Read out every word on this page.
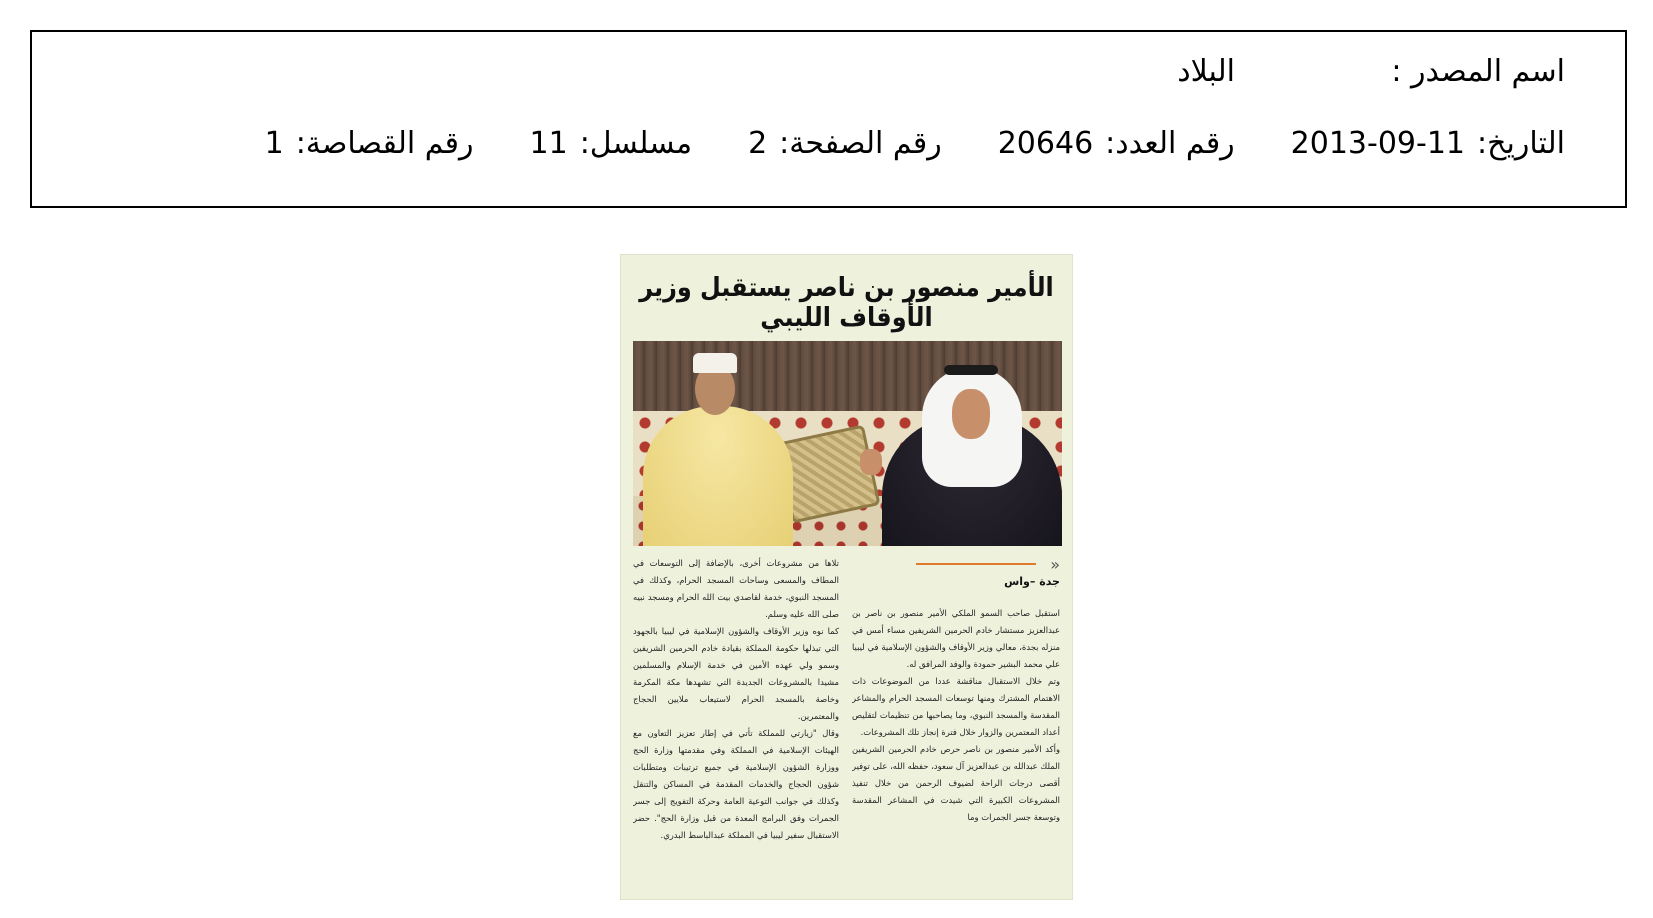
اسم المصدر :
البلاد
التاريخ:
2013-09-11
رقم العدد:
20646
رقم الصفحة:
2
مسلسل:
11
رقم القصاصة:
1
الأمير منصور بن ناصر يستقبل وزير الأوقاف الليبي
«
جدة –واس

استقبل صاحب السمو الملكي الأمير منصور بن ناصر بن عبدالعزيز مستشار خادم الحرمين الشريفين مساء أمس في منزله بجدة، معالي وزير الأوقاف والشؤون الإسلامية في ليبيا علي محمد البشير حمودة والوفد المرافق له.

وتم خلال الاستقبال مناقشة عددا من الموضوعات ذات الاهتمام المشترك ومنها توسعات المسجد الحرام والمشاعر المقدسة والمسجد النبوي، وما يصاحبها من تنظيمات لتقليص أعداد المعتمرين والزوار خلال فترة إنجاز تلك المشروعات.

وأكد الأمير منصور بن ناصر حرص خادم الحرمين الشريفين الملك عبدالله بن عبدالعزيز آل سعود، حفظه الله، على توفير أقصى درجات الراحة لضيوف الرحمن من خلال تنفيذ المشروعات الكبيرة التي شيدت في المشاعر المقدسة وتوسعة جسر الجمرات وما

تلاها من مشروعات أخرى، بالإضافة إلى التوسعات في المطاف والمسعى وساحات المسجد الحرام، وكذلك في المسجد النبوي، خدمة لقاصدي بيت الله الحرام ومسجد نبيه صلى الله عليه وسلم.

كما نوه وزير الأوقاف والشؤون الإسلامية في ليبيا بالجهود التي تبذلها حكومة المملكة بقيادة خادم الحرمين الشريفين وسمو ولي عهده الأمين في خدمة الإسلام والمسلمين مشيدا بالمشروعات الجديدة التي تشهدها مكة المكرمة وخاصة بالمسجد الحرام لاستيعاب ملايين الحجاج والمعتمرين.

وقال "زيارتي للمملكة تأتي في إطار تعزيز التعاون مع الهيئات الإسلامية في المملكة وفي مقدمتها وزارة الحج ووزارة الشؤون الإسلامية في جميع ترتيبات ومتطلبات شؤون الحجاج والخدمات المقدمة في المساكن والتنقل وكذلك في جوانب التوعية العامة وحركة التفويج إلى جسر الجمرات وفق البرامج المعدة من قبل وزارة الحج". حضر الاستقبال سفير ليبيا في المملكة عبدالباسط البدري.
